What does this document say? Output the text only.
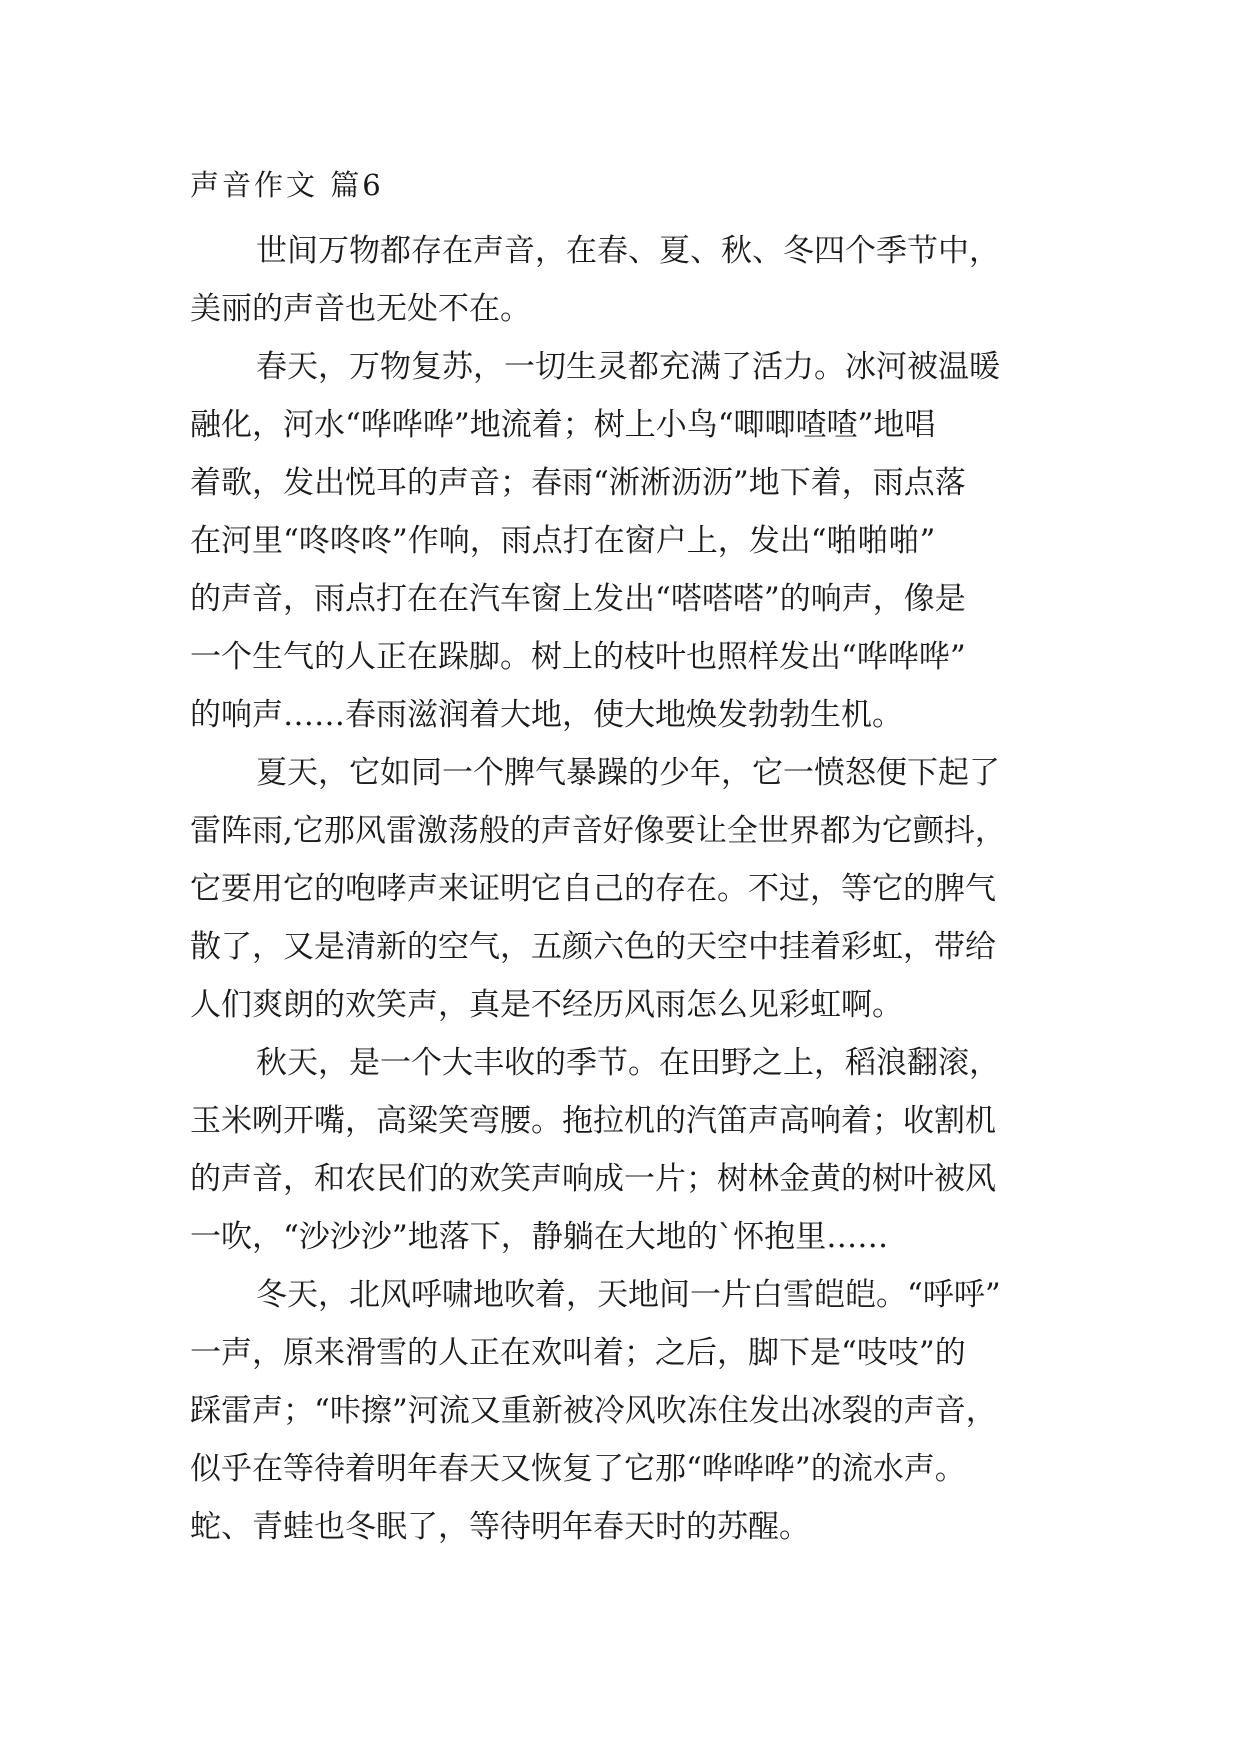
声音作文 篇6
世间万物都存在声音，在春、夏、秋、冬四个季节中，
美丽的声音也无处不在。
春天，万物复苏，一切生灵都充满了活力。冰河被温暖
融化，河水“哗哗哗”地流着；树上小鸟“唧唧喳喳”地唱
着歌，发出悦耳的声音；春雨“淅淅沥沥”地下着，雨点落
在河里“咚咚咚”作响，雨点打在窗户上，发出“啪啪啪”
的声音，雨点打在在汽车窗上发出“嗒嗒嗒”的响声，像是
一个生气的人正在跺脚。树上的枝叶也照样发出“哗哗哗”
的响声……春雨滋润着大地，使大地焕发勃勃生机。
夏天，它如同一个脾气暴躁的少年，它一愤怒便下起了
雷阵雨,它那风雷激荡般的声音好像要让全世界都为它颤抖，
它要用它的咆哮声来证明它自己的存在。不过，等它的脾气
散了，又是清新的空气，五颜六色的天空中挂着彩虹，带给
人们爽朗的欢笑声，真是不经历风雨怎么见彩虹啊。
秋天，是一个大丰收的季节。在田野之上，稻浪翻滚，
玉米咧开嘴，高粱笑弯腰。拖拉机的汽笛声高响着；收割机
的声音，和农民们的欢笑声响成一片；树林金黄的树叶被风
一吹，“沙沙沙”地落下，静躺在大地的`怀抱里……
冬天，北风呼啸地吹着，天地间一片白雪皑皑。“呼呼”
一声，原来滑雪的人正在欢叫着；之后，脚下是“吱吱”的
踩雷声；“咔擦”河流又重新被冷风吹冻住发出冰裂的声音，
似乎在等待着明年春天又恢复了它那“哗哗哗”的流水声。
蛇、青蛙也冬眠了，等待明年春天时的苏醒。
